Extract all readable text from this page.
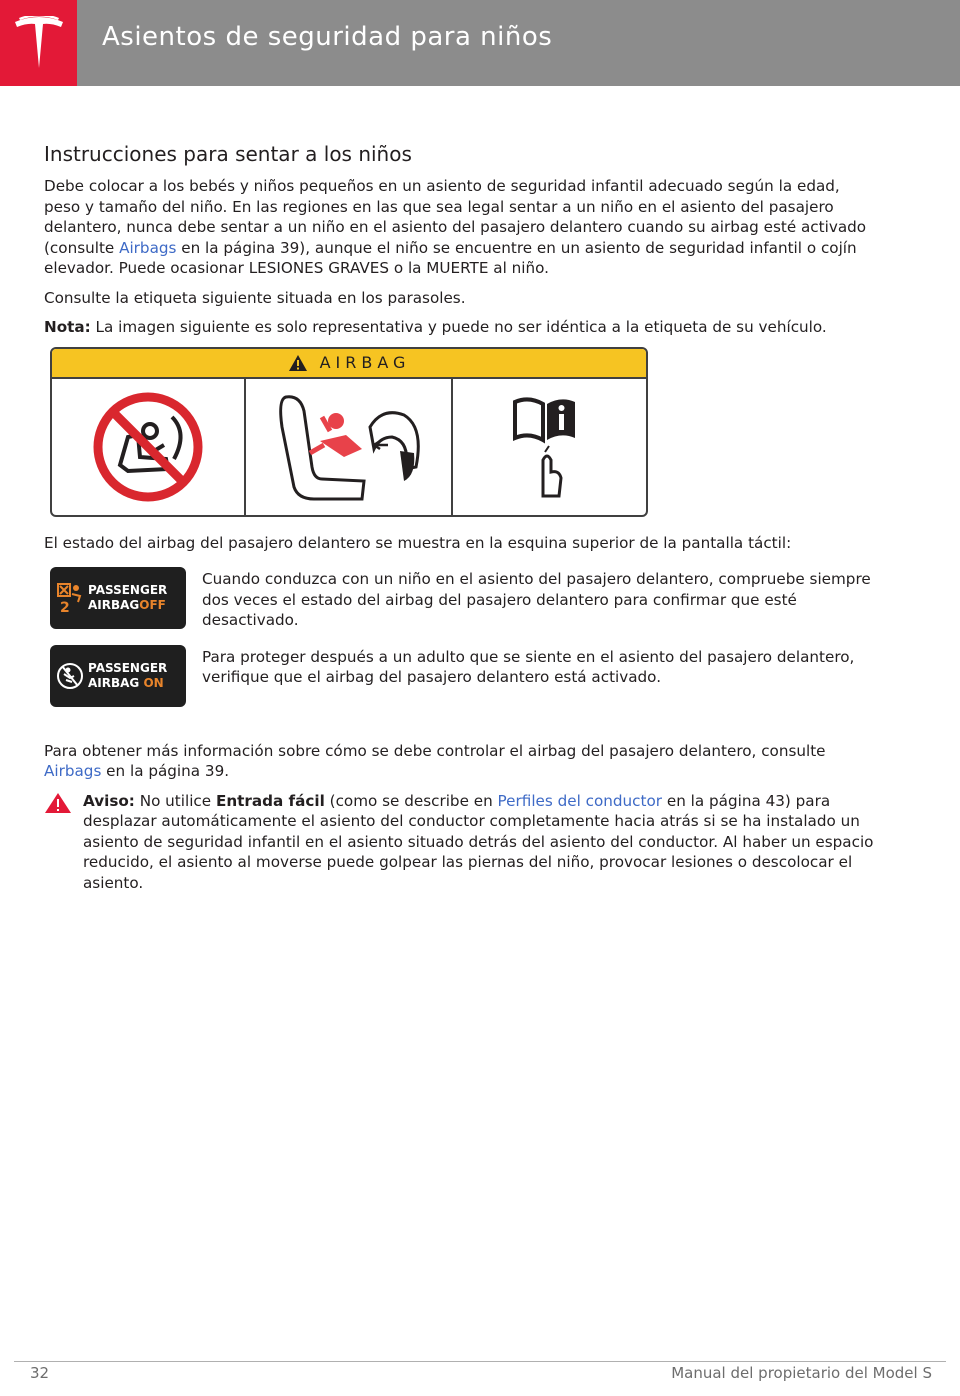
Asientos de seguridad para niños
Instrucciones para sentar a los niños

Debe colocar a los bebés y niños pequeños en un asiento de seguridad infantil adecuado según la edad, peso y tamaño del niño. En las regiones en las que sea legal sentar a un niño en el asiento del pasajero delantero, nunca debe sentar a un niño en el asiento del pasajero delantero cuando su airbag esté activado (consulte Airbags en la página 39), aunque el niño se encuentre en un asiento de seguridad infantil o cojín elevador. Puede ocasionar LESIONES GRAVES o la MUERTE al niño.

Consulte la etiqueta siguiente situada en los parasoles.

Nota: La imagen siguiente es solo representativa y puede no ser idéntica a la etiqueta de su vehículo.

AIRBAG

El estado del airbag del pasajero delantero se muestra en la esquina superior de la pantalla táctil:

2
PASSENGER
AIRBAGOFF
Cuando conduzca con un niño en el asiento del pasajero delantero, compruebe siempre dos veces el estado del airbag del pasajero delantero para confirmar que esté desactivado.
PASSENGER
AIRBAG ON
Para proteger después a un adulto que se siente en el asiento del pasajero delantero, verifique que el airbag del pasajero delantero está activado.

Para obtener más información sobre cómo se debe controlar el airbag del pasajero delantero, consulte Airbags en la página 39.

Aviso: No utilice Entrada fácil (como se describe en Perfiles del conductor en la página 43) para desplazar automáticamente el asiento del conductor completamente hacia atrás si se ha instalado un asiento de seguridad infantil en el asiento situado detrás del asiento del conductor. Al haber un espacio reducido, el asiento al moverse puede golpear las piernas del niño, provocar lesiones o descolocar el asiento.

32	Manual del propietario del Model S
